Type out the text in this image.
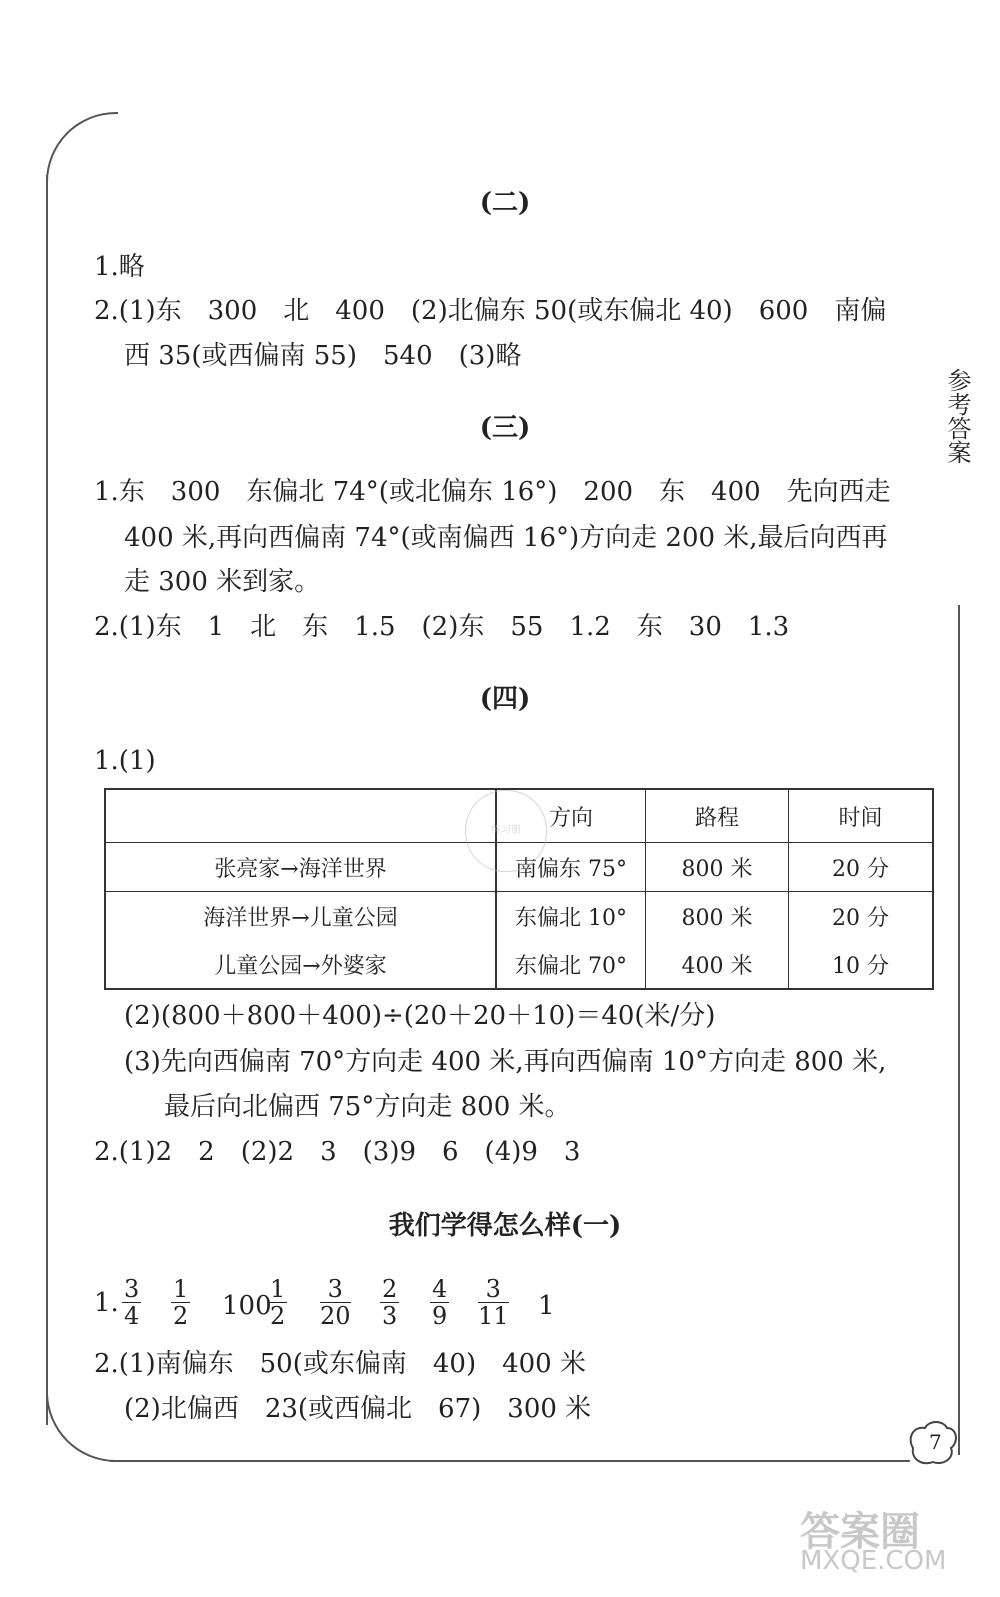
参考答案
(二)
1.略
2.(1)东　300　北　400　(2)北偏东 50(或东偏北 40)　600　南偏
西 35(或西偏南 55)　540　(3)略
(三)
1.东　300　东偏北 74°(或北偏东 16°)　200　东　400　先向西走
400 米,再向西偏南 74°(或南偏西 16°)方向走 200 米,最后向西再
走 300 米到家。
2.(1)东　1　北　东　1.5　(2)东　55　1.2　东　30　1.3
(四)
1.(1)
	方向	路程	时间
张亮家→海洋世界	南偏东 75°	800 米	20 分
海洋世界→儿童公园	东偏北 10°	800 米	20 分
儿童公园→外婆家	东偏北 70°	400 米	10 分
练习册
(2)(800＋800＋400)÷(20＋20＋10)＝40(米/分)
(3)先向西偏南 70°方向走 400 米,再向西偏南 10°方向走 800 米,
最后向北偏西 75°方向走 800 米。
2.(1)2　2　(2)2　3　(3)9　6　(4)9　3
我们学得怎么样(一)
1. $\frac{3}{4} \frac{1}{2} 100$
$\frac{1}{2} \frac{3}{20} \frac{2}{3} \frac{4}{9} \frac{3}{11} 1$
2.(1)南偏东　50(或东偏南　40)　400 米
(2)北偏西　23(或西偏北　67)　300 米
7
答案圈
MXQE.COM
